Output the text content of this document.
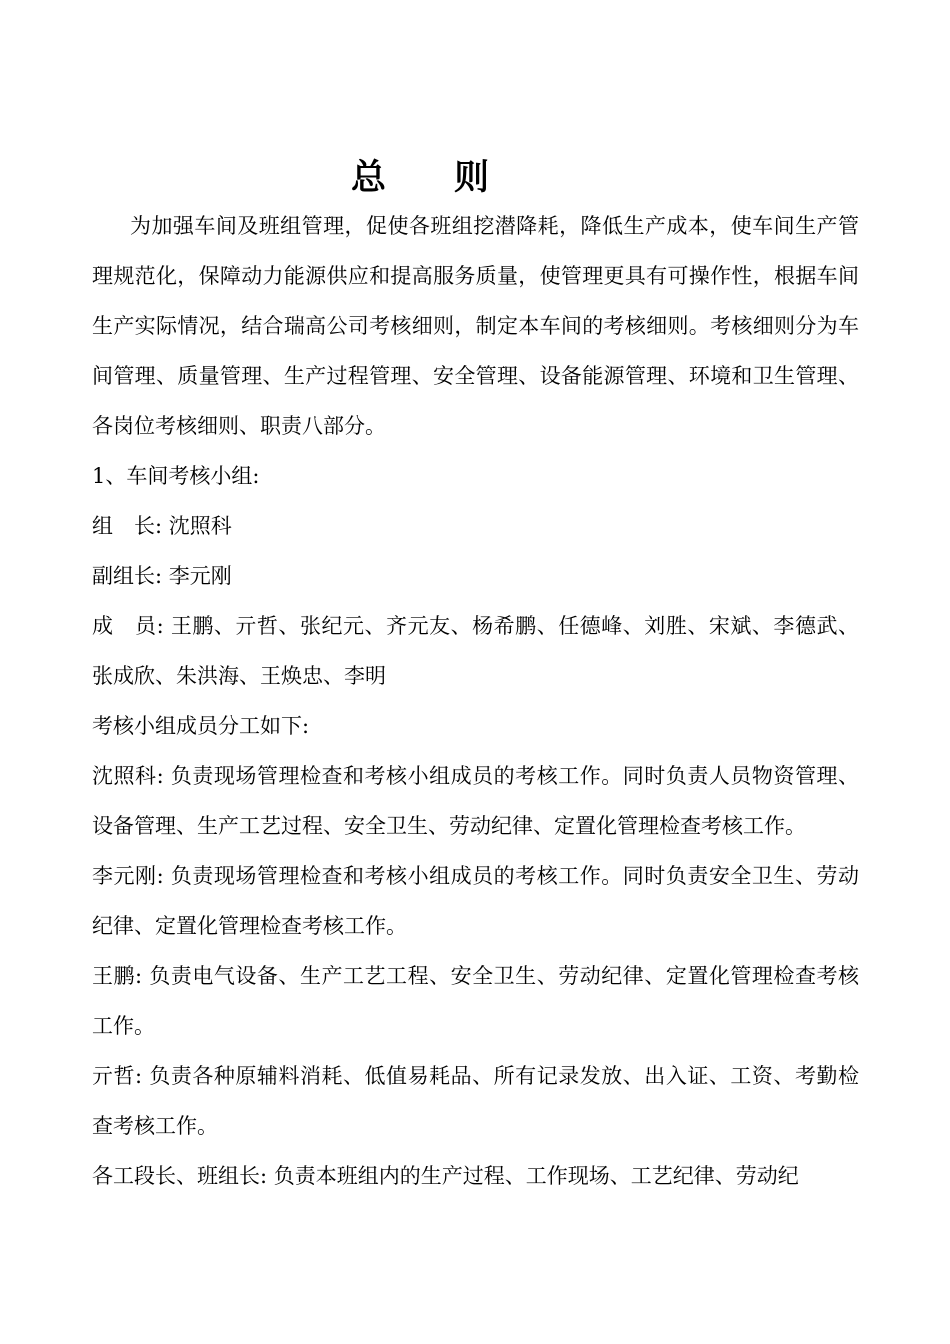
总则

为加强车间及班组管理，促使各班组挖潜降耗，降低生产成本，使车间生产管理规范化，保障动力能源供应和提高服务质量，使管理更具有可操作性，根据车间生产实际情况，结合瑞高公司考核细则，制定本车间的考核细则。考核细则分为车间管理、质量管理、生产过程管理、安全管理、设备能源管理、环境和卫生管理、各岗位考核细则、职责八部分。

1、车间考核小组:

组　长: 沈照科

副组长: 李元刚

成　员: 王鹏、亓哲、张纪元、齐元友、杨希鹏、任德峰、刘胜、宋斌、李德武、张成欣、朱洪海、王焕忠、李明

考核小组成员分工如下:

沈照科: 负责现场管理检查和考核小组成员的考核工作。同时负责人员物资管理、设备管理、生产工艺过程、安全卫生、劳动纪律、定置化管理检查考核工作。

李元刚: 负责现场管理检查和考核小组成员的考核工作。同时负责安全卫生、劳动纪律、定置化管理检查考核工作。

王鹏: 负责电气设备、生产工艺工程、安全卫生、劳动纪律、定置化管理检查考核工作。

亓哲: 负责各种原辅料消耗、低值易耗品、所有记录发放、出入证、工资、考勤检查考核工作。

各工段长、班组长: 负责本班组内的生产过程、工作现场、工艺纪律、劳动纪
